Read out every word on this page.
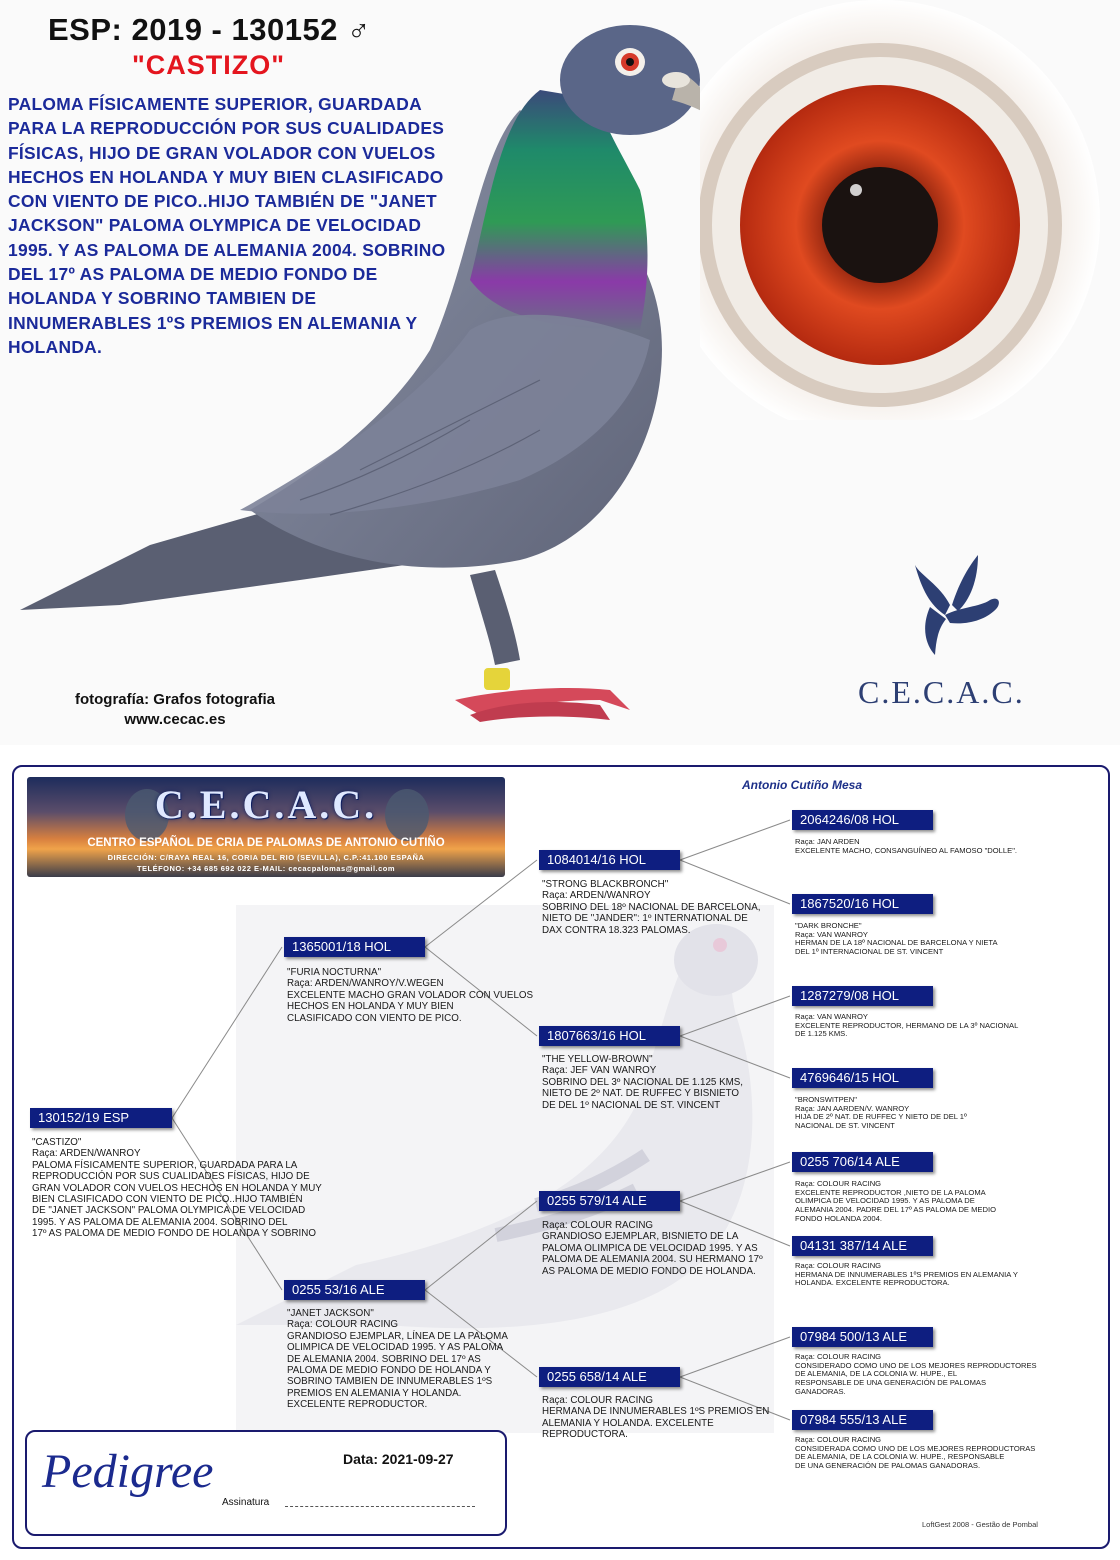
ESP: 2019 - 130152 ♂
"CASTIZO"
PALOMA FÍSICAMENTE SUPERIOR, GUARDADA PARA LA REPRODUCCIÓN POR SUS CUALIDADES FÍSICAS, HIJO DE GRAN VOLADOR CON VUELOS HECHOS EN HOLANDA Y MUY BIEN CLASIFICADO CON VIENTO DE PICO..HIJO TAMBIÉN DE "JANET JACKSON" PALOMA OLYMPICA DE VELOCIDAD 1995. Y AS PALOMA DE ALEMANIA 2004. SOBRINO DEL 17º AS PALOMA DE MEDIO FONDO DE HOLANDA Y SOBRINO TAMBIEN DE INNUMERABLES 1ºS PREMIOS EN ALEMANIA Y HOLANDA.
fotografía: Grafos fotografia
www.cecac.es
C.E.C.A.C.
Antonio Cutiño Mesa
C.E.C.A.C.
CENTRO ESPAÑOL DE CRIA DE PALOMAS DE ANTONIO CUTIÑO
DIRECCIÓN: C/RAYA REAL 16, CORIA DEL RIO (SEVILLA), C.P.:41.100 ESPAÑA
TELÉFONO: +34 685 692 022 E-MAIL: cecacpalomas@gmail.com
130152/19 ESP
"CASTIZO"
Raça: ARDEN/WANROY
PALOMA FÍSICAMENTE SUPERIOR, GUARDADA PARA LA
REPRODUCCIÓN POR SUS CUALIDADES FÍSICAS, HIJO DE
GRAN VOLADOR CON VUELOS HECHOS EN HOLANDA Y MUY
BIEN CLASIFICADO CON VIENTO DE PICO..HIJO TAMBIÉN
DE "JANET JACKSON" PALOMA OLYMPICA DE VELOCIDAD
1995. Y AS PALOMA DE ALEMANIA 2004. SOBRINO DEL
17º AS PALOMA DE MEDIO FONDO DE HOLANDA Y SOBRINO
1365001/18 HOL
"FURIA NOCTURNA"
Raça: ARDEN/WANROY/V.WEGEN
EXCELENTE MACHO GRAN VOLADOR CON VUELOS
HECHOS EN HOLANDA Y MUY BIEN
CLASIFICADO CON VIENTO DE PICO.
0255 53/16 ALE
"JANET JACKSON"
Raça: COLOUR RACING
GRANDIOSO EJEMPLAR, LÍNEA DE LA PALOMA
OLIMPICA DE VELOCIDAD 1995. Y AS PALOMA
DE ALEMANIA 2004. SOBRINO DEL 17º AS
PALOMA DE MEDIO FONDO DE HOLANDA Y
SOBRINO TAMBIEN DE INNUMERABLES 1ºS
PREMIOS EN ALEMANIA Y HOLANDA.
EXCELENTE REPRODUCTOR.
1084014/16 HOL
"STRONG BLACKBRONCH"
Raça: ARDEN/WANROY
SOBRINO DEL 18º NACIONAL DE BARCELONA,
NIETO DE "JANDER": 1º INTERNATIONAL DE
DAX CONTRA 18.323 PALOMAS.
1807663/16 HOL
"THE YELLOW-BROWN"
Raça: JEF VAN WANROY
SOBRINO DEL 3º NACIONAL DE 1.125 KMS,
NIETO DE 2º NAT. DE RUFFEC Y BISNIETO
DE DEL 1º NACIONAL DE ST. VINCENT
0255 579/14 ALE
Raça: COLOUR RACING
GRANDIOSO EJEMPLAR, BISNIETO DE LA
PALOMA OLIMPICA DE VELOCIDAD 1995. Y AS
PALOMA DE ALEMANIA 2004. SU HERMANO 17º
AS PALOMA DE MEDIO FONDO DE HOLANDA.
0255 658/14 ALE
Raça: COLOUR RACING
HERMANA DE INNUMERABLES 1ºS PREMIOS EN
ALEMANIA Y HOLANDA. EXCELENTE
REPRODUCTORA.
2064246/08 HOL
Raça: JAN ARDEN
EXCELENTE MACHO, CONSANGUÍNEO AL FAMOSO "DOLLE".
1867520/16 HOL
"DARK BRONCHE"
Raça: VAN WANROY
HERMAN DE LA 18º NACIONAL DE BARCELONA Y NIETA
DEL 1º INTERNACIONAL DE ST. VINCENT
1287279/08 HOL
Raça: VAN WANROY
EXCELENTE REPRODUCTOR, HERMANO DE LA 3º NACIONAL
DE 1.125 KMS.
4769646/15 HOL
"BRONSWITPEN"
Raça: JAN AARDEN/V. WANROY
HIJA DE 2º NAT. DE RUFFEC Y NIETO DE DEL 1º
NACIONAL DE ST. VINCENT
0255 706/14 ALE
Raça: COLOUR RACING
EXCELENTE REPRODUCTOR ,NIETO DE LA PALOMA
OLIMPICA DE VELOCIDAD 1995. Y AS PALOMA DE
ALEMANIA 2004. PADRE DEL 17º AS PALOMA DE MEDIO
FONDO HOLANDA 2004.
04131 387/14 ALE
Raça: COLOUR RACING
HERMANA DE INNUMERABLES 1ºS PREMIOS EN ALEMANIA Y
HOLANDA. EXCELENTE REPRODUCTORA.
07984 500/13 ALE
Raça: COLOUR RACING
CONSIDERADO COMO UNO DE LOS MEJORES REPRODUCTORES
DE ALEMANIA, DE LA COLONIA W. HUPE., EL
RESPONSABLE DE UNA GENERACIÓN DE PALOMAS
GANADORAS.
07984 555/13 ALE
Raça: COLOUR RACING
CONSIDERADA COMO UNO DE LOS MEJORES REPRODUCTORAS
DE ALEMANIA, DE LA COLONIA W. HUPE., RESPONSABLE
DE UNA GENERACIÓN DE PALOMAS GANADORAS.
Pedigree	Data: 2021-09-27
Assinatura
LoftGest 2008 - Gestão de Pombal
